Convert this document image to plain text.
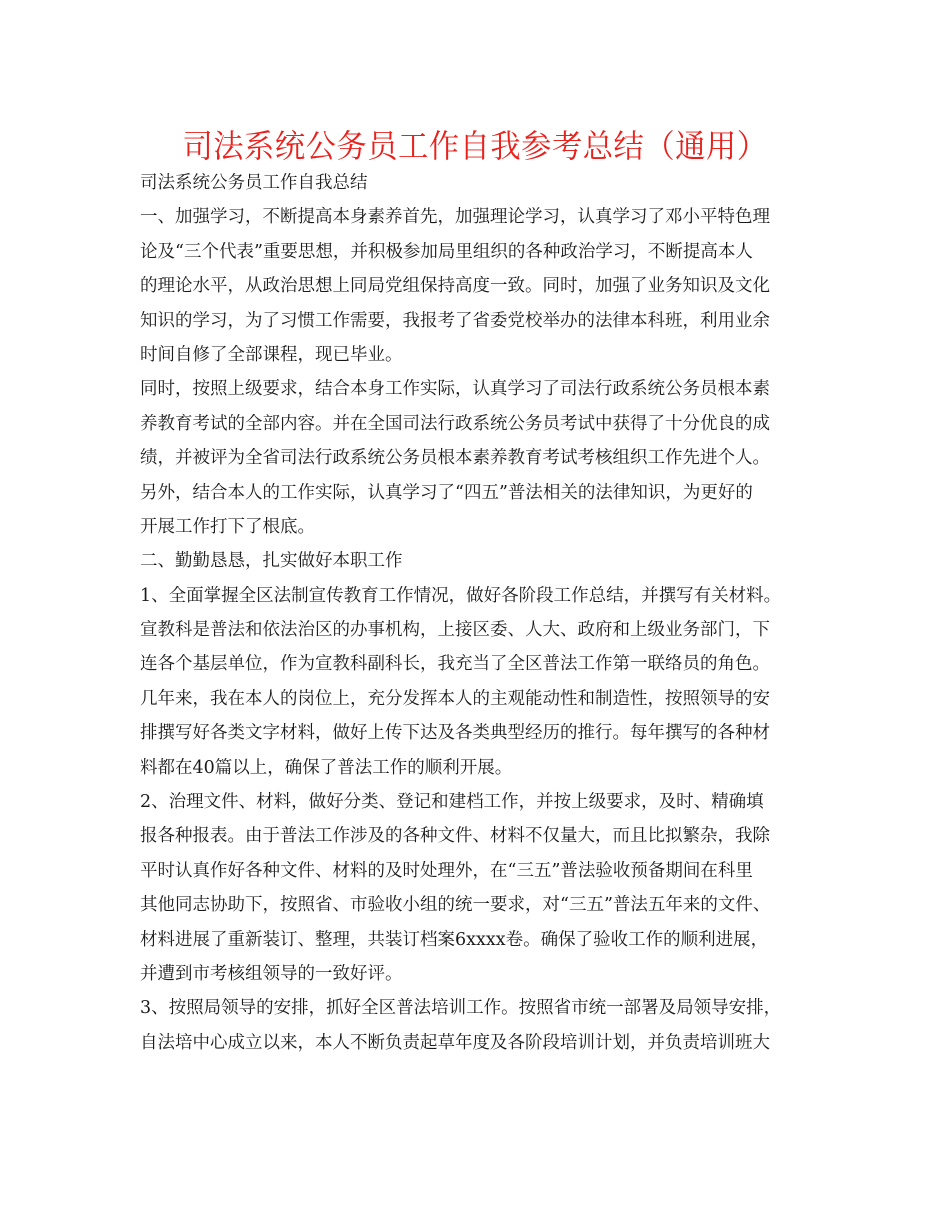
司法系统公务员工作自我参考总结（通用）
司法系统公务员工作自我总结
一、加强学习，不断提高本身素养首先，加强理论学习，认真学习了邓小平特色理
论及“三个代表”重要思想，并积极参加局里组织的各种政治学习，不断提高本人
的理论水平，从政治思想上同局党组保持高度一致。同时，加强了业务知识及文化
知识的学习，为了习惯工作需要，我报考了省委党校举办的法律本科班，利用业余
时间自修了全部课程，现已毕业。
同时，按照上级要求，结合本身工作实际，认真学习了司法行政系统公务员根本素
养教育考试的全部内容。并在全国司法行政系统公务员考试中获得了十分优良的成
绩，并被评为全省司法行政系统公务员根本素养教育考试考核组织工作先进个人。
另外，结合本人的工作实际，认真学习了“四五”普法相关的法律知识，为更好的
开展工作打下了根底。
二、勤勤恳恳，扎实做好本职工作
1、全面掌握全区法制宣传教育工作情况，做好各阶段工作总结，并撰写有关材料。
宣教科是普法和依法治区的办事机构，上接区委、人大、政府和上级业务部门，下
连各个基层单位，作为宣教科副科长，我充当了全区普法工作第一联络员的角色。
几年来，我在本人的岗位上，充分发挥本人的主观能动性和制造性，按照领导的安
排撰写好各类文字材料，做好上传下达及各类典型经历的推行。每年撰写的各种材
料都在40篇以上，确保了普法工作的顺利开展。
2、治理文件、材料，做好分类、登记和建档工作，并按上级要求，及时、精确填
报各种报表。由于普法工作涉及的各种文件、材料不仅量大，而且比拟繁杂，我除
平时认真作好各种文件、材料的及时处理外，在“三五”普法验收预备期间在科里
其他同志协助下，按照省、市验收小组的统一要求，对“三五”普法五年来的文件、
材料进展了重新装订、整理，共装订档案6xxxx卷。确保了验收工作的顺利进展，
并遭到市考核组领导的一致好评。
3、按照局领导的安排，抓好全区普法培训工作。按照省市统一部署及局领导安排，
自法培中心成立以来，本人不断负责起草年度及各阶段培训计划，并负责培训班大
